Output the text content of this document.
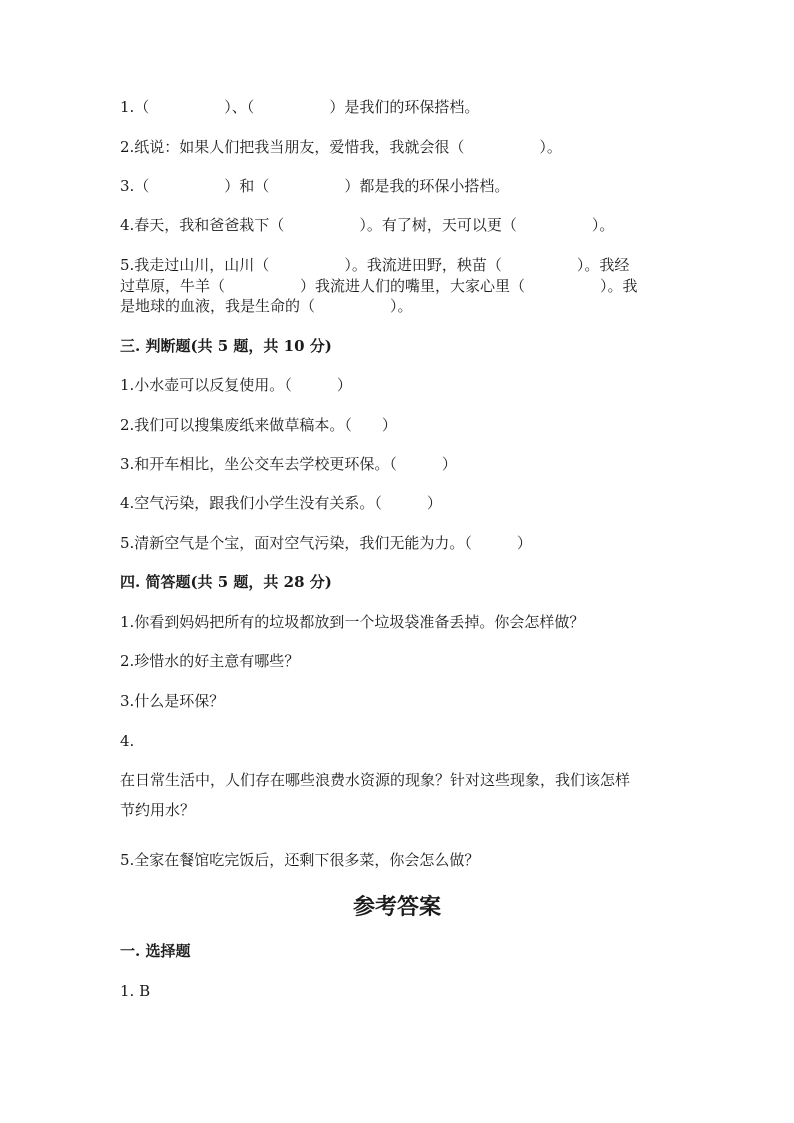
1.（　　　　　）、（　　　　　）是我们的环保搭档。
2.纸说：如果人们把我当朋友，爱惜我，我就会很（　　　　　）。
3.（　　　　　）和（　　　　　）都是我的环保小搭档。
4.春天，我和爸爸栽下（　　　　　）。有了树，天可以更（　　　　　）。
5.我走过山川，山川（　　　　　）。我流进田野，秧苗（　　　　　）。我经
过草原，牛羊（　　　　　）我流进人们的嘴里，大家心里（　　　　　）。我
是地球的血液，我是生命的（　　　　　）。
三. 判断题(共 5 题，共 10 分)
1.小水壶可以反复使用。（　　　）
2.我们可以搜集废纸来做草稿本。（　　）
3.和开车相比，坐公交车去学校更环保。（　　　）
4.空气污染，跟我们小学生没有关系。（　　　）
5.清新空气是个宝，面对空气污染，我们无能为力。（　　　）
四. 简答题(共 5 题，共 28 分)
1.你看到妈妈把所有的垃圾都放到一个垃圾袋准备丢掉。你会怎样做？
2.珍惜水的好主意有哪些？
3.什么是环保？
4.
在日常生活中，人们存在哪些浪费水资源的现象？针对这些现象，我们该怎样
节约用水？
5.全家在餐馆吃完饭后，还剩下很多菜，你会怎么做？
参考答案
一. 选择题
1. B
